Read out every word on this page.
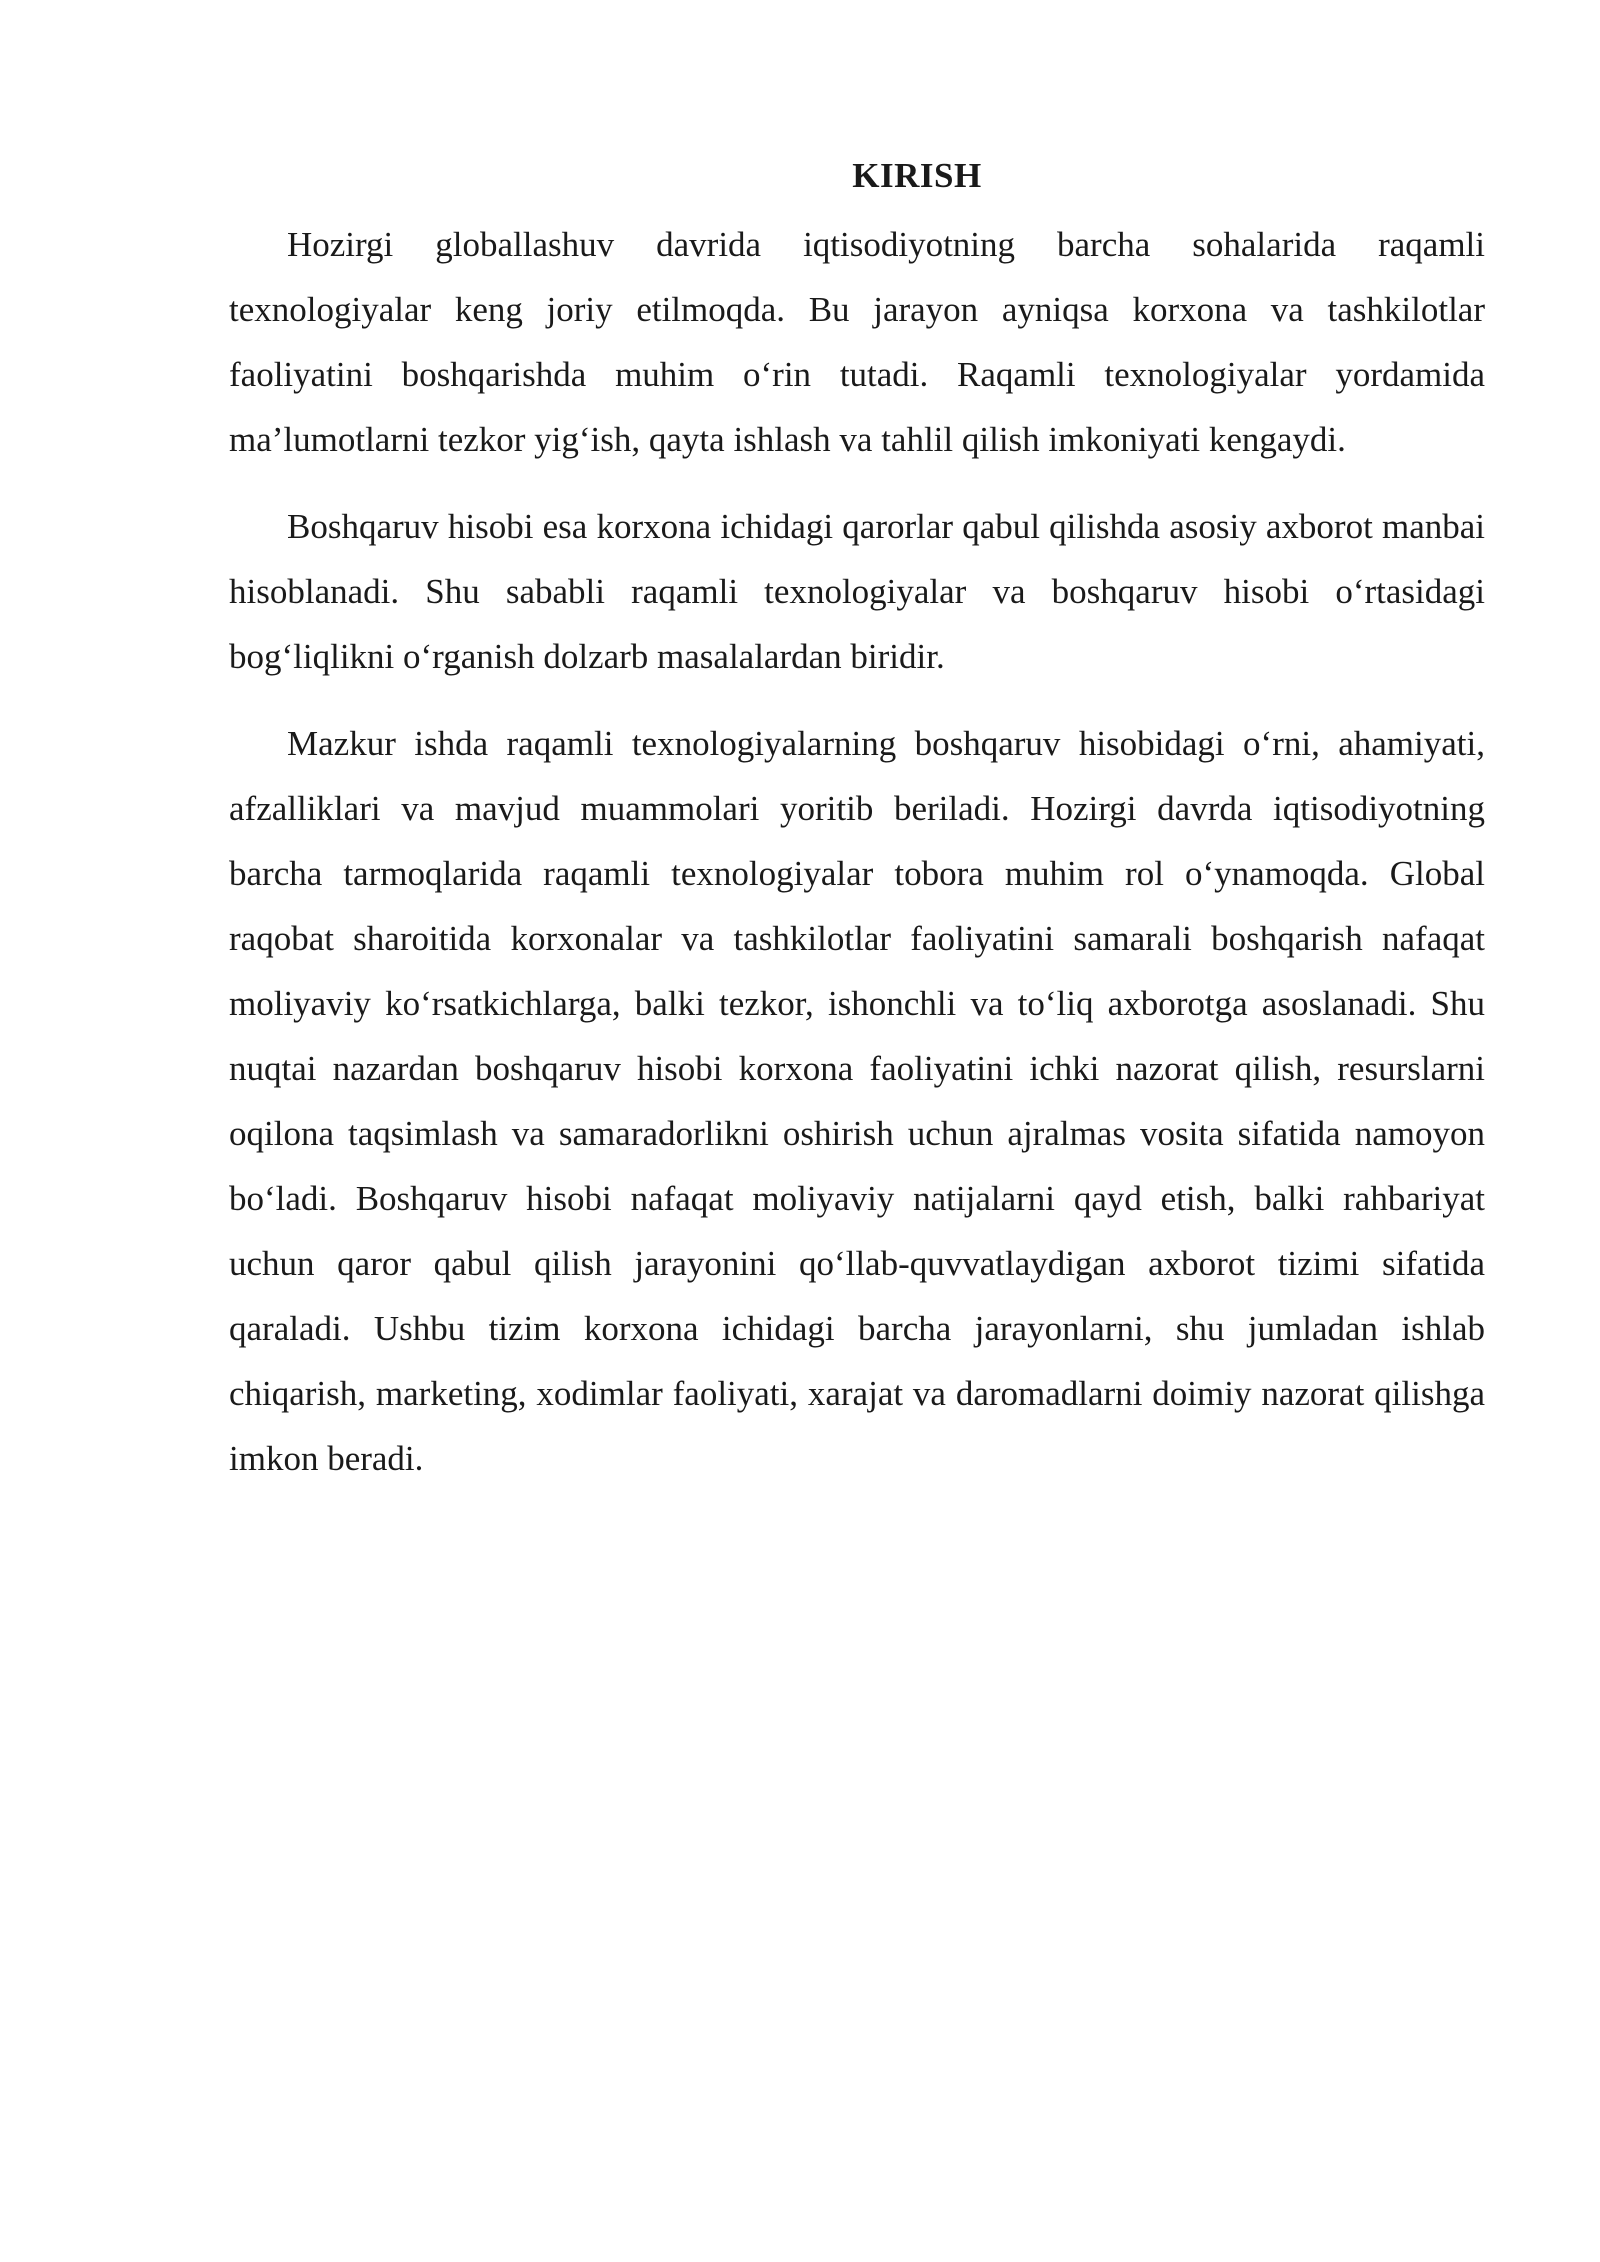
KIRISH

Hozirgi globallashuv davrida iqtisodiyotning barcha sohalarida raqamli texnologiyalar keng joriy etilmoqda. Bu jarayon ayniqsa korxona va tashkilotlar faoliyatini boshqarishda muhim o‘rin tutadi. Raqamli texnologiyalar yordamida ma’lumotlarni tezkor yig‘ish, qayta ishlash va tahlil qilish imkoniyati kengaydi.

Boshqaruv hisobi esa korxona ichidagi qarorlar qabul qilishda asosiy axborot manbai hisoblanadi. Shu sababli raqamli texnologiyalar va boshqaruv hisobi o‘rtasidagi bog‘liqlikni o‘rganish dolzarb masalalardan biridir.

Mazkur ishda raqamli texnologiyalarning boshqaruv hisobidagi o‘rni, ahamiyati, afzalliklari va mavjud muammolari yoritib beriladi. Hozirgi davrda iqtisodiyotning barcha tarmoqlarida raqamli texnologiyalar tobora muhim rol o‘ynamoqda. Global raqobat sharoitida korxonalar va tashkilotlar faoliyatini samarali boshqarish nafaqat moliyaviy ko‘rsatkichlarga, balki tezkor, ishonchli va to‘liq axborotga asoslanadi. Shu nuqtai nazardan boshqaruv hisobi korxona faoliyatini ichki nazorat qilish, resurslarni oqilona taqsimlash va samaradorlikni oshirish uchun ajralmas vosita sifatida namoyon bo‘ladi. Boshqaruv hisobi nafaqat moliyaviy natijalarni qayd etish, balki rahbariyat uchun qaror qabul qilish jarayonini qo‘llab-quvvatlaydigan axborot tizimi sifatida qaraladi. Ushbu tizim korxona ichidagi barcha jarayonlarni, shu jumladan ishlab chiqarish, marketing, xodimlar faoliyati, xarajat va daromadlarni doimiy nazorat qilishga imkon beradi.
